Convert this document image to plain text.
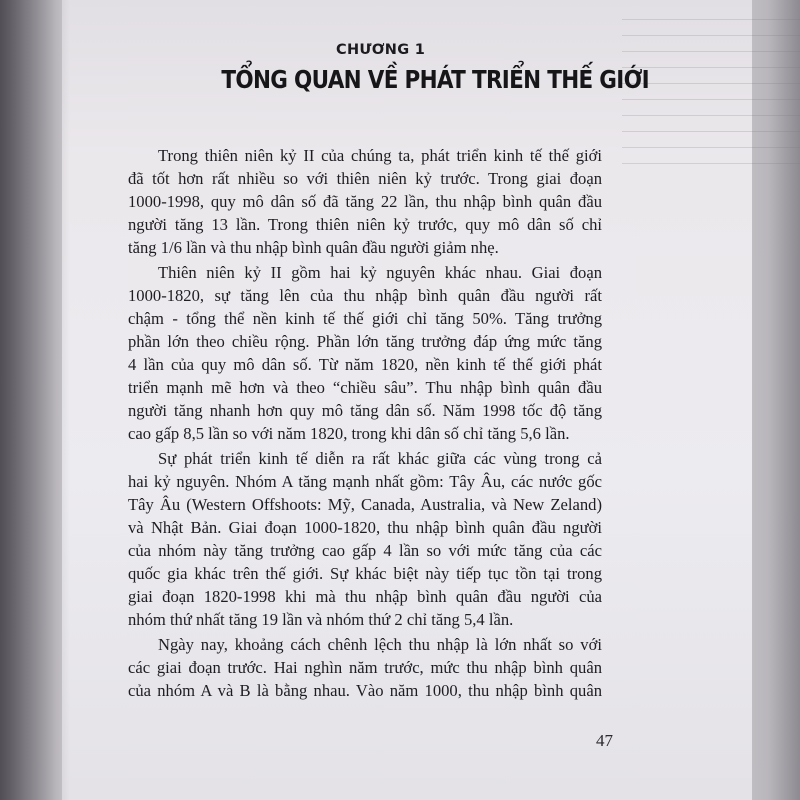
CHƯƠNG 1
TỔNG QUAN VỀ PHÁT TRIỂN THẾ GIỚI

Trong thiên niên kỷ II của chúng ta, phát triển kinh tế thế giới
đã tốt hơn rất nhiều so với thiên niên kỷ trước. Trong giai đoạn
1000-1998, quy mô dân số đã tăng 22 lần, thu nhập bình quân đầu
người tăng 13 lần. Trong thiên niên kỷ trước, quy mô dân số chỉ
tăng 1/6 lần và thu nhập bình quân đầu người giảm nhẹ.

Thiên niên kỷ II gồm hai kỷ nguyên khác nhau. Giai đoạn
1000-1820, sự tăng lên của thu nhập bình quân đầu người rất
chậm - tổng thể nền kinh tế thế giới chỉ tăng 50%. Tăng trưởng
phần lớn theo chiều rộng. Phần lớn tăng trưởng đáp ứng mức tăng
4 lần của quy mô dân số. Từ năm 1820, nền kinh tế thế giới phát
triển mạnh mẽ hơn và theo “chiều sâu”. Thu nhập bình quân đầu
người tăng nhanh hơn quy mô tăng dân số. Năm 1998 tốc độ tăng
cao gấp 8,5 lần so với năm 1820, trong khi dân số chỉ tăng 5,6 lần.

Sự phát triển kinh tế diễn ra rất khác giữa các vùng trong cả
hai kỷ nguyên. Nhóm A tăng mạnh nhất gồm: Tây Âu, các nước gốc
Tây Âu (Western Offshoots: Mỹ, Canada, Australia, và New Zeland)
và Nhật Bản. Giai đoạn 1000-1820, thu nhập bình quân đầu người
của nhóm này tăng trưởng cao gấp 4 lần so với mức tăng của các
quốc gia khác trên thế giới. Sự khác biệt này tiếp tục tồn tại trong
giai đoạn 1820-1998 khi mà thu nhập bình quân đầu người của
nhóm thứ nhất tăng 19 lần và nhóm thứ 2 chỉ tăng 5,4 lần.

Ngày nay, khoảng cách chênh lệch thu nhập là lớn nhất so với
các giai đoạn trước. Hai nghìn năm trước, mức thu nhập bình quân
của nhóm A và B là bằng nhau. Vào năm 1000, thu nhập bình quân

47
